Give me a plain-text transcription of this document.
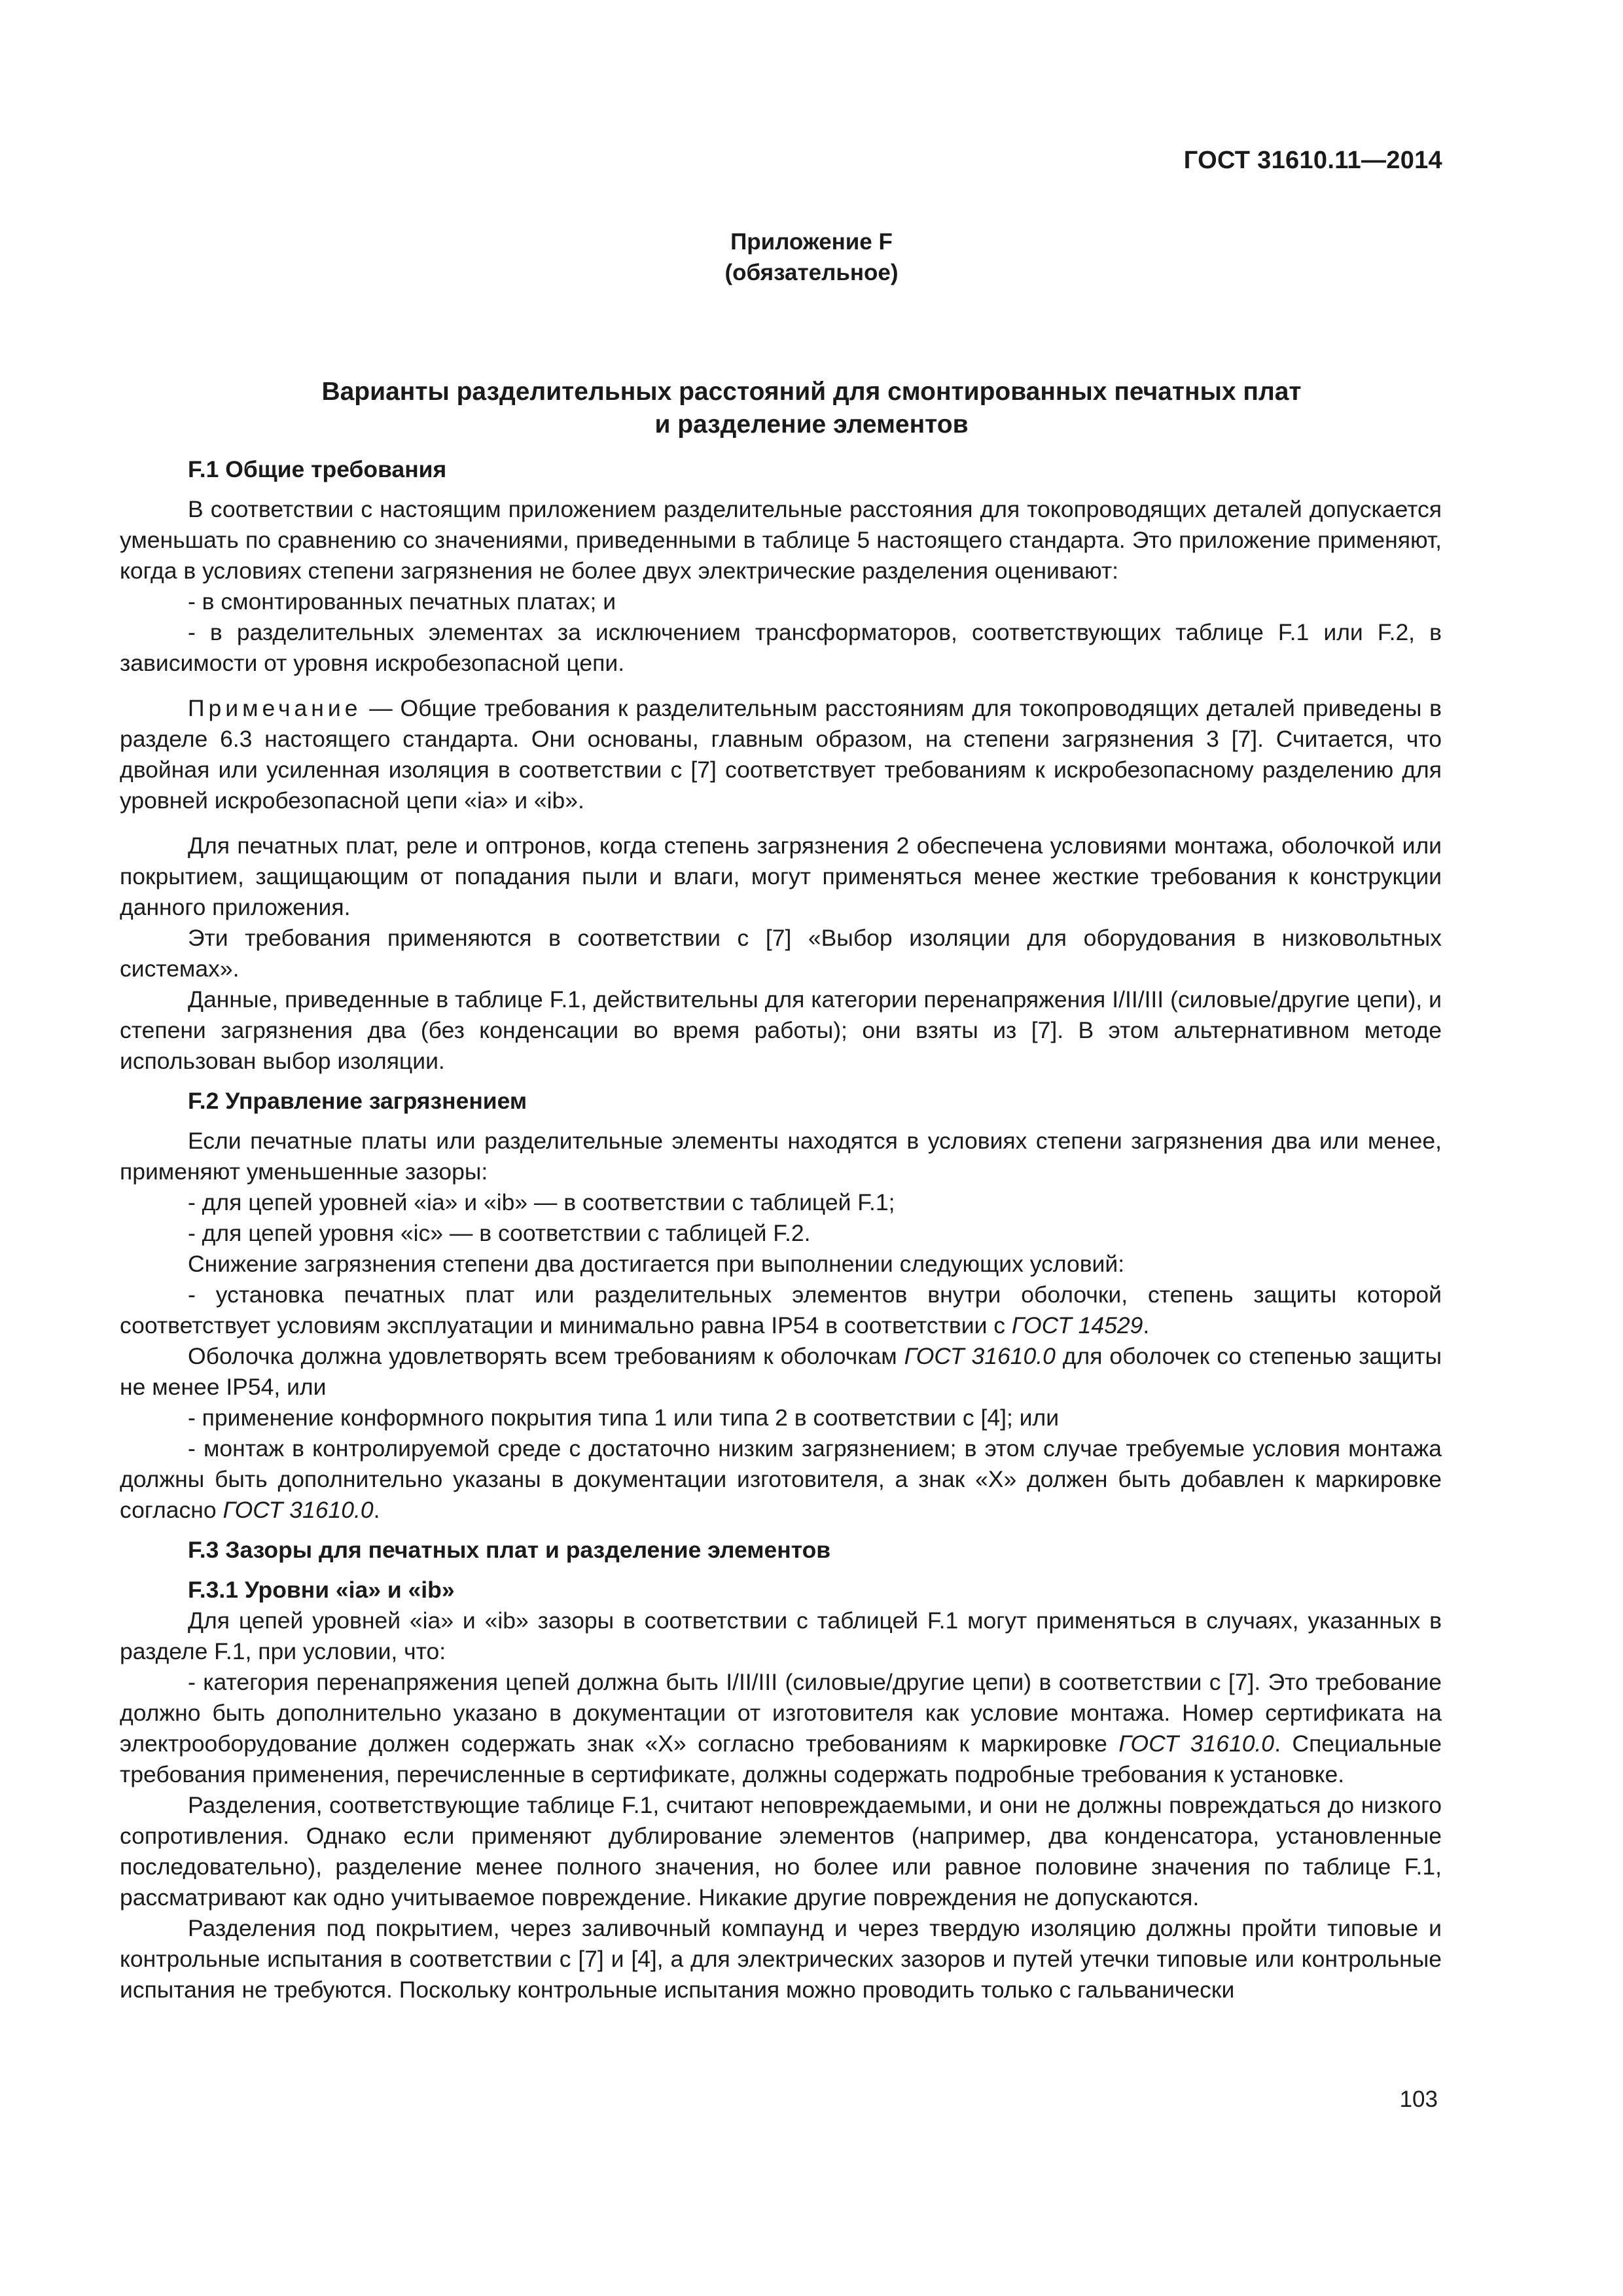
ГОСТ 31610.11—2014
Приложение F
(обязательное)
Варианты разделительных расстояний для смонтированных печатных плат
и разделение элементов
F.1 Общие требования

В соответствии с настоящим приложением разделительные расстояния для токопроводящих деталей допускается уменьшать по сравнению со значениями, приведенными в таблице 5 настоящего стандарта. Это приложение применяют, когда в условиях степени загрязнения не более двух электрические разделения оценивают:

- в смонтированных печатных платах; и

- в разделительных элементах за исключением трансформаторов, соответствующих таблице F.1 или F.2, в зависимости от уровня искробезопасной цепи.

Примечание — Общие требования к разделительным расстояниям для токопроводящих деталей приведены в разделе 6.3 настоящего стандарта. Они основаны, главным образом, на степени загрязнения 3 [7]. Считается, что двойная или усиленная изоляция в соответствии с [7] соответствует требованиям к искробезопасному разделению для уровней искробезопасной цепи «ia» и «ib».

Для печатных плат, реле и оптронов, когда степень загрязнения 2 обеспечена условиями монтажа, оболочкой или покрытием, защищающим от попадания пыли и влаги, могут применяться менее жесткие требования к конструкции данного приложения.

Эти требования применяются в соответствии с [7] «Выбор изоляции для оборудования в низковольтных системах».

Данные, приведенные в таблице F.1, действительны для категории перенапряжения I/II/III (силовые/другие цепи), и степени загрязнения два (без конденсации во время работы); они взяты из [7]. В этом альтернативном методе использован выбор изоляции.

F.2 Управление загрязнением

Если печатные платы или разделительные элементы находятся в условиях степени загрязнения два или менее, применяют уменьшенные зазоры:

- для цепей уровней «ia» и «ib» — в соответствии с таблицей F.1;

- для цепей уровня «ic» — в соответствии с таблицей F.2.

Снижение загрязнения степени два достигается при выполнении следующих условий:

- установка печатных плат или разделительных элементов внутри оболочки, степень защиты которой соответствует условиям эксплуатации и минимально равна IP54 в соответствии с ГОСТ 14529.

Оболочка должна удовлетворять всем требованиям к оболочкам ГОСТ 31610.0 для оболочек со степенью защиты не менее IP54, или

- применение конформного покрытия типа 1 или типа 2 в соответствии с [4]; или

- монтаж в контролируемой среде с достаточно низким загрязнением; в этом случае требуемые условия монтажа должны быть дополнительно указаны в документации изготовителя, а знак «Х» должен быть добавлен к маркировке согласно ГОСТ 31610.0.

F.3 Зазоры для печатных плат и разделение элементов
F.3.1 Уровни «ia» и «ib»

Для цепей уровней «ia» и «ib» зазоры в соответствии с таблицей F.1 могут применяться в случаях, указанных в разделе F.1, при условии, что:

- категория перенапряжения цепей должна быть I/II/III (силовые/другие цепи) в соответствии с [7]. Это требование должно быть дополнительно указано в документации от изготовителя как условие монтажа. Номер сертификата на электрооборудование должен содержать знак «Х» согласно требованиям к маркировке ГОСТ 31610.0. Специальные требования применения, перечисленные в сертификате, должны содержать подробные требования к установке.

Разделения, соответствующие таблице F.1, считают неповреждаемыми, и они не должны повреждаться до низкого сопротивления. Однако если применяют дублирование элементов (например, два конденсатора, установленные последовательно), разделение менее полного значения, но более или равное половине значения по таблице F.1, рассматривают как одно учитываемое повреждение. Никакие другие повреждения не допускаются.

Разделения под покрытием, через заливочный компаунд и через твердую изоляцию должны пройти типовые и контрольные испытания в соответствии с [7] и [4], а для электрических зазоров и путей утечки типовые или контрольные испытания не требуются. Поскольку контрольные испытания можно проводить только с гальванически

103
